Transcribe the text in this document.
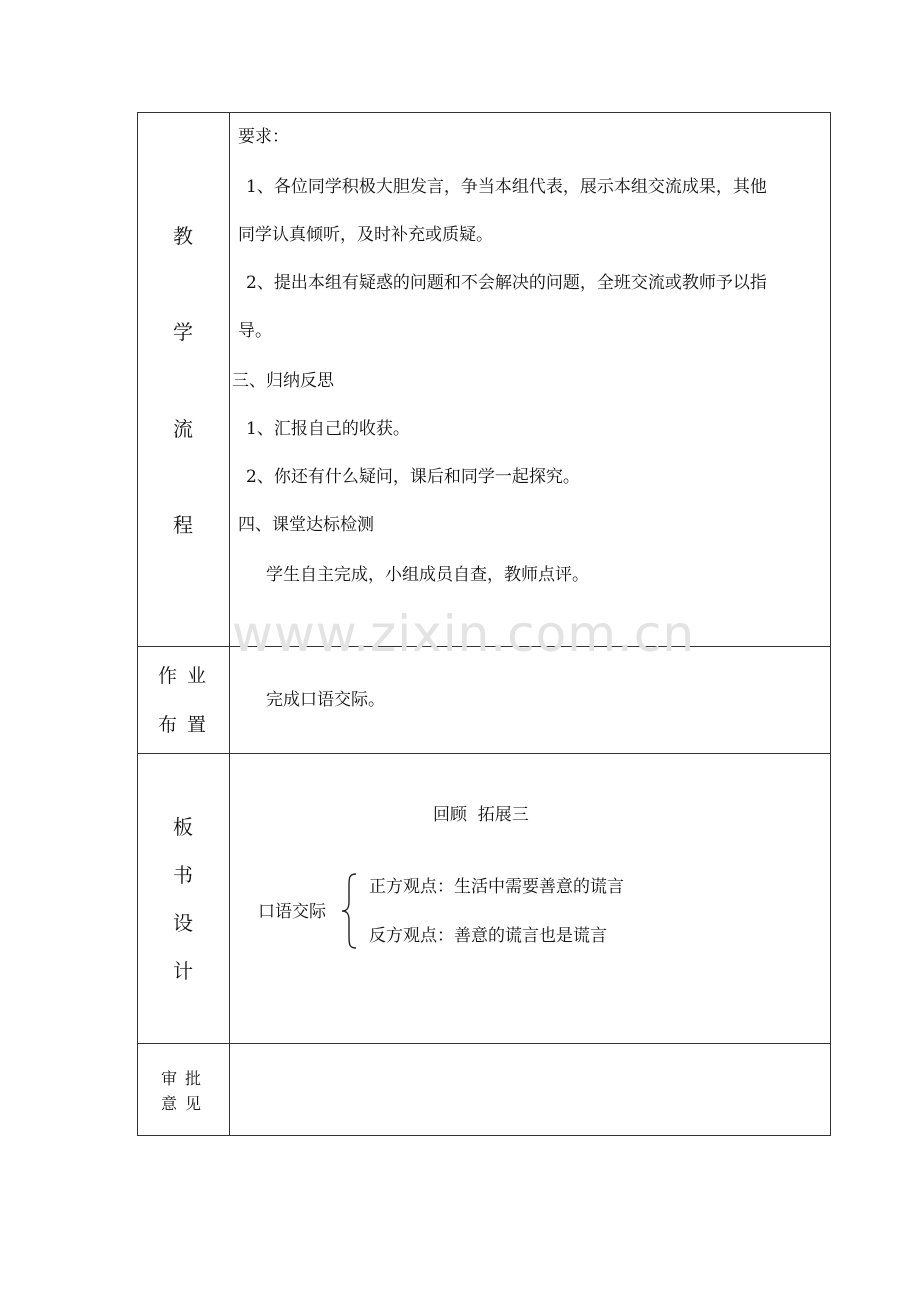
教
学
流
程
要求：
1、各位同学积极大胆发言，争当本组代表，展示本组交流成果，其他
同学认真倾听，及时补充或质疑。
2、提出本组有疑惑的问题和不会解决的问题，全班交流或教师予以指
导。
三、归纳反思
1、汇报自己的收获。
2、你还有什么疑问，课后和同学一起探究。
四、课堂达标检测
学生自主完成，小组成员自查，教师点评。
作业
布置
完成口语交际。
板
书
设
计
回顾  拓展三
口语交际
正方观点：生活中需要善意的谎言
反方观点：善意的谎言也是谎言
审批
意见
www.zixin.com.cn
